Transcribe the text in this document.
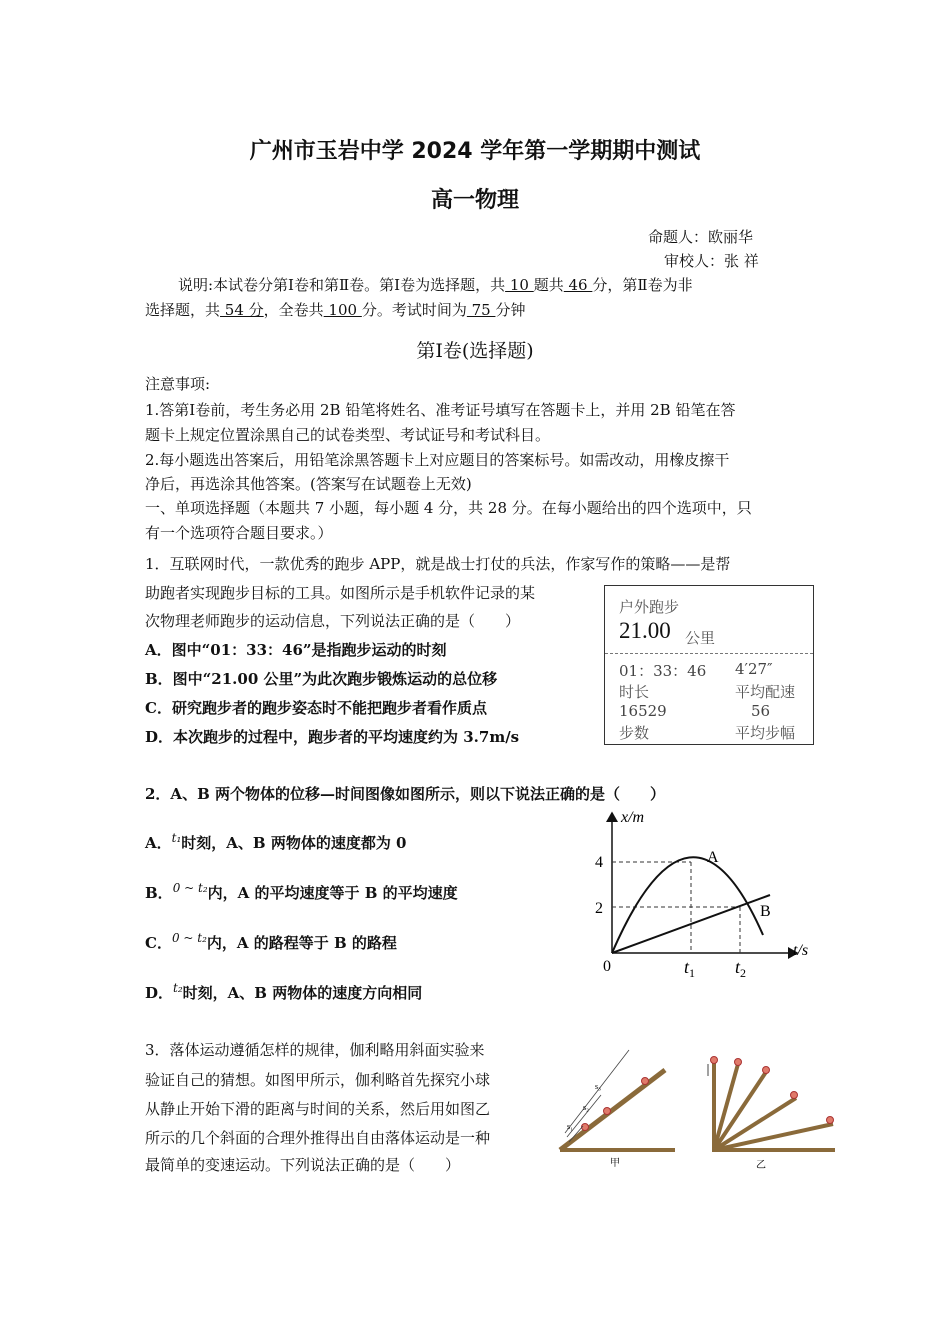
广州市玉岩中学 2024 学年第一学期期中测试
高一物理
命题人：欧丽华
审校人：张 祥
说明:本试卷分第Ⅰ卷和第Ⅱ卷。第Ⅰ卷为选择题，共 10 题共 46 分，第Ⅱ卷为非
选择题，共 54 分，全卷共 100 分。考试时间为 75 分钟
第Ⅰ卷(选择题)
注意事项:
1.答第Ⅰ卷前，考生务必用 2B 铅笔将姓名、准考证号填写在答题卡上，并用 2B 铅笔在答
题卡上规定位置涂黑自己的试卷类型、考试证号和考试科目。
2.每小题选出答案后，用铅笔涂黑答题卡上对应题目的答案标号。如需改动，用橡皮擦干
净后，再选涂其他答案。(答案写在试题卷上无效)
一、单项选择题（本题共 7 小题，每小题 4 分，共 28 分。在每小题给出的四个选项中，只
有一个选项符合题目要求。）
1．互联网时代，一款优秀的跑步 APP，就是战士打仗的兵法，作家写作的策略——是帮
助跑者实现跑步目标的工具。如图所示是手机软件记录的某
次物理老师跑步的运动信息，下列说法正确的是（　　）
A．图中“01：33：46”是指跑步运动的时刻
B．图中“21.00 公里”为此次跑步锻炼运动的总位移
C．研究跑步者的跑步姿态时不能把跑步者看作质点
D．本次跑步的过程中，跑步者的平均速度约为 3.7m/s
户外跑步
21.00 公里
01：33：46 4′27″
时长	平均配速
16529	56
步数	平均步幅
2．A、B 两个物体的位移—时间图像如图所示，则以下说法正确的是（　　）
A．$^{t_1}$时刻，A、B 两物体的速度都为 0
B．$^{0 \sim t_2}$内，A 的平均速度等于 B 的平均速度
C．$^{0 \sim t_2}$内，A 的路程等于 B 的路程
D．$^{t_2}$时刻，A、B 两物体的速度方向相同
x/m
t/s
4
2
0	$t_1$ $t_2$
A
B
3．落体运动遵循怎样的规律，伽利略用斜面实验来
验证自己的猜想。如图甲所示，伽利略首先探究小球
从静止开始下滑的距离与时间的关系，然后用如图乙
所示的几个斜面的合理外推得出自由落体运动是一种
最简单的变速运动。下列说法正确的是（　　）
s₃
s₂
s₁
甲	乙
